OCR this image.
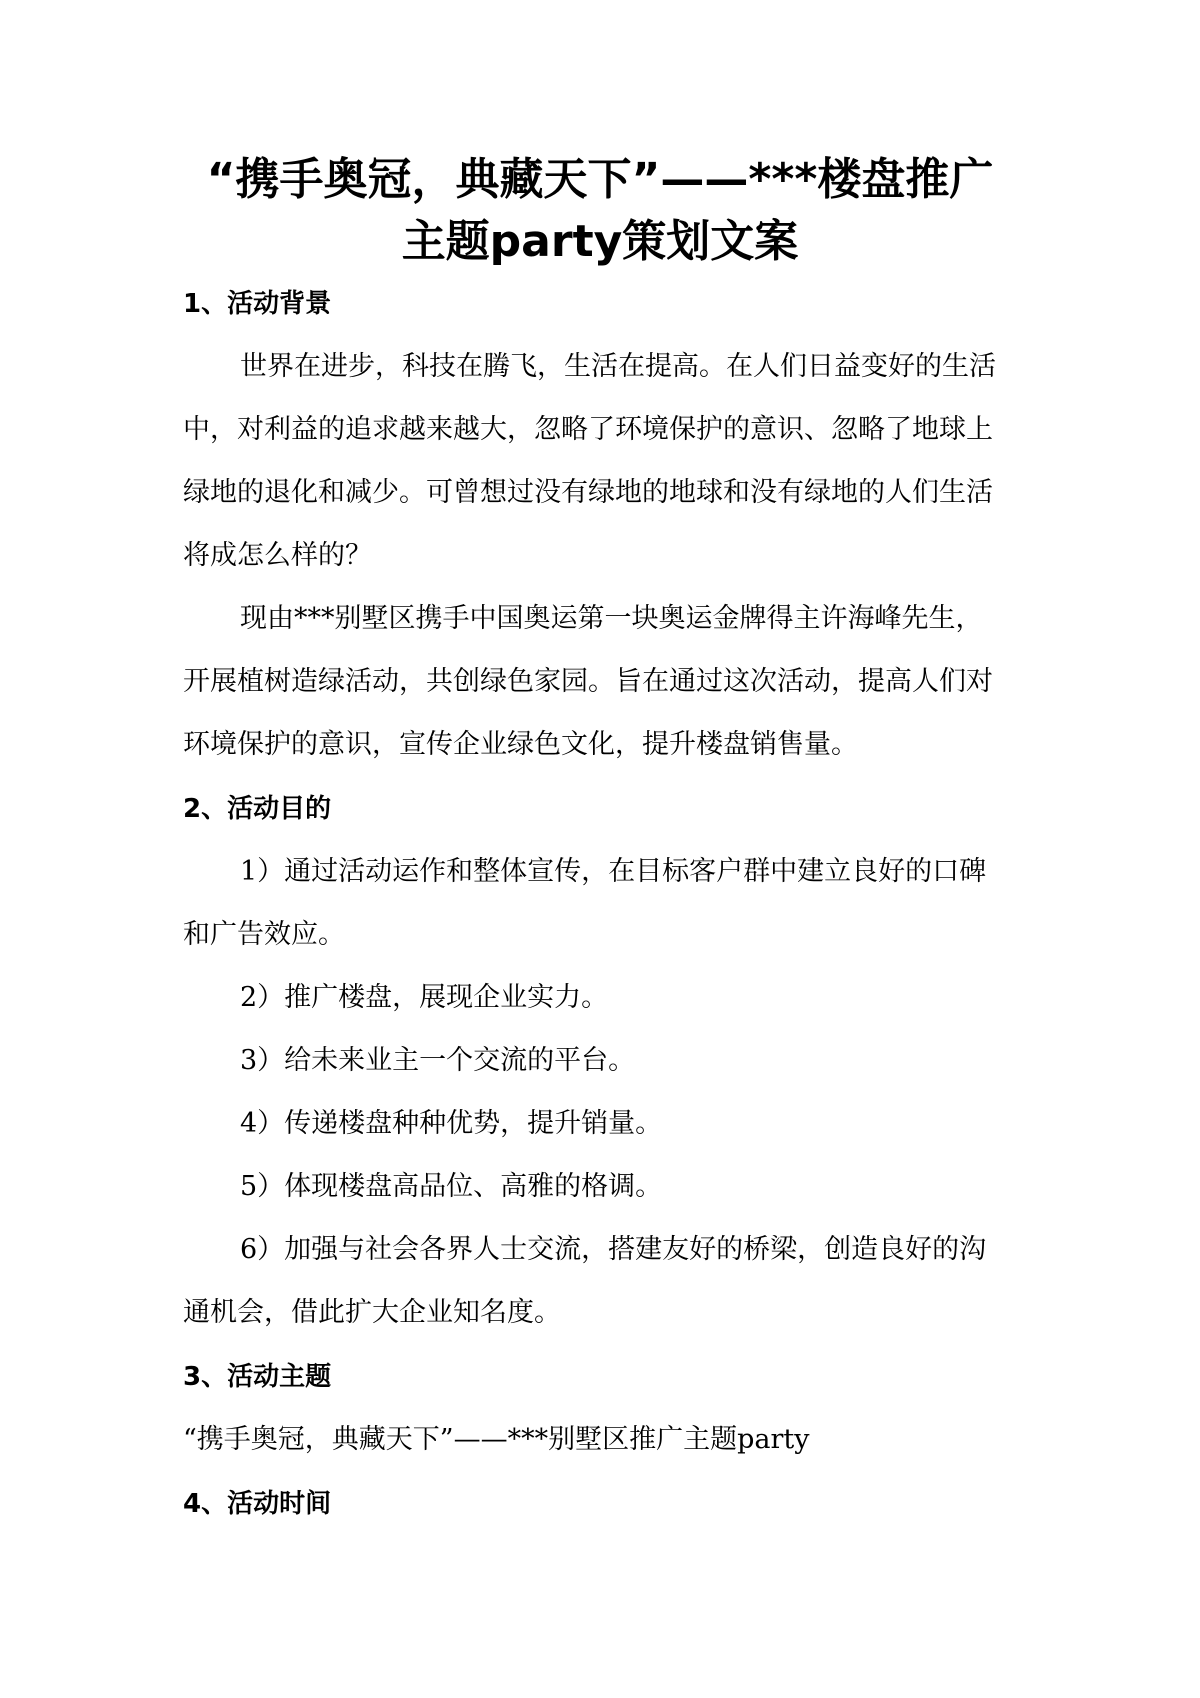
“携手奥冠，典藏天下”——***楼盘推广
主题party策划文案
1、活动背景
世界在进步，科技在腾飞，生活在提高。在人们日益变好的生活
中，对利益的追求越来越大，忽略了环境保护的意识、忽略了地球上
绿地的退化和减少。可曾想过没有绿地的地球和没有绿地的人们生活
将成怎么样的？
现由***别墅区携手中国奥运第一块奥运金牌得主许海峰先生，
开展植树造绿活动，共创绿色家园。旨在通过这次活动，提高人们对
环境保护的意识，宣传企业绿色文化，提升楼盘销售量。
2、活动目的
1）通过活动运作和整体宣传，在目标客户群中建立良好的口碑
和广告效应。
2）推广楼盘，展现企业实力。
3）给未来业主一个交流的平台。
4）传递楼盘种种优势，提升销量。
5）体现楼盘高品位、高雅的格调。
6）加强与社会各界人士交流，搭建友好的桥梁，创造良好的沟
通机会，借此扩大企业知名度。
3、活动主题
“携手奥冠，典藏天下”——***别墅区推广主题party
4、活动时间
